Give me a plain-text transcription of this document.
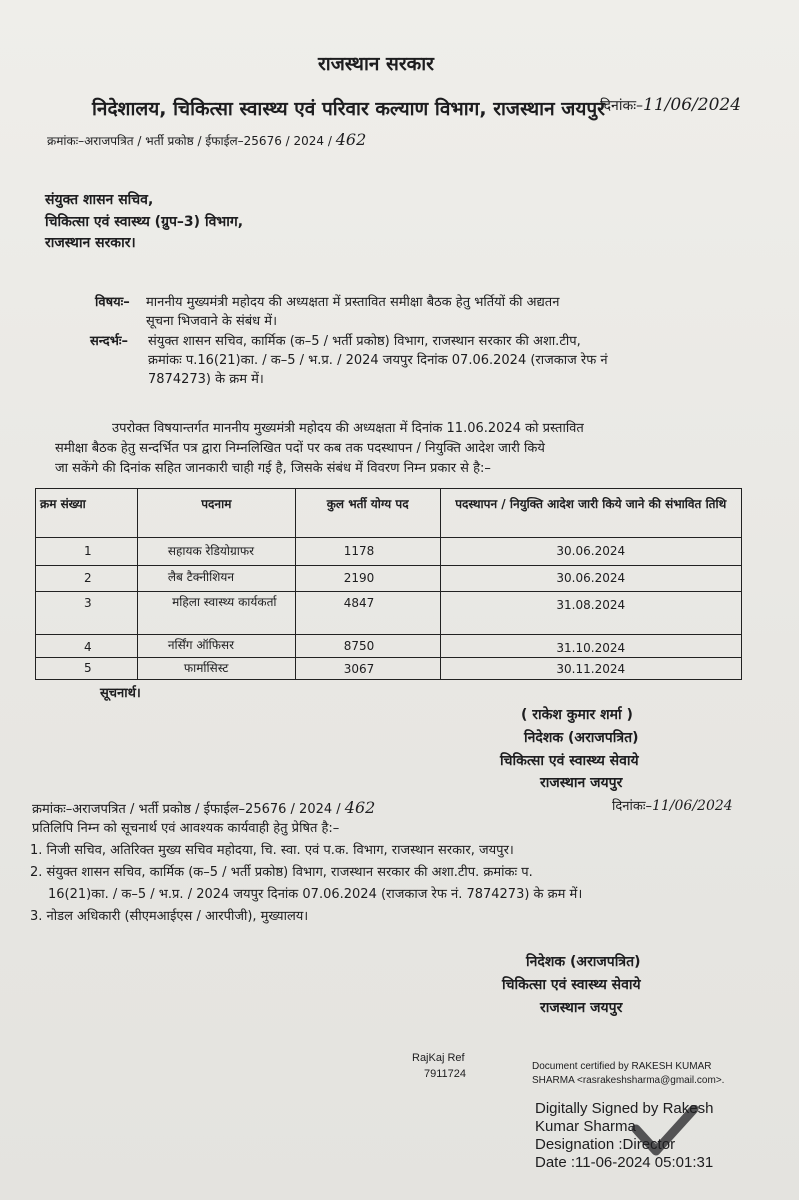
राजस्थान सरकार
निदेशालय, चिकित्सा स्वास्थ्य एवं परिवार कल्याण विभाग, राजस्थान जयपुर
दिनांकः–11/06/2024
क्रमांकः–अराजपत्रित / भर्ती प्रकोष्ठ / ईफाईल–25676 / 2024 / 462
संयुक्त शासन सचिव,
चिकित्सा एवं स्वास्थ्य (ग्रुप–3) विभाग,
राजस्थान सरकार।
विषयः– माननीय मुख्यमंत्री महोदय की अध्यक्षता में प्रस्तावित समीक्षा बैठक हेतु भर्तियों की अद्यतन
सूचना भिजवाने के संबंध में।
सन्दर्भः– संयुक्त शासन सचिव, कार्मिक (क–5 / भर्ती प्रकोष्ठ) विभाग, राजस्थान सरकार की अशा.टीप,
क्रमांकः प.16(21)का. / क–5 / भ.प्र. / 2024 जयपुर दिनांक 07.06.2024 (राजकाज रेफ नं
7874273) के क्रम में।
उपरोक्त विषयान्तर्गत माननीय मुख्यमंत्री महोदय की अध्यक्षता में दिनांक 11.06.2024 को प्रस्तावित
समीक्षा बैठक हेतु सन्दर्भित पत्र द्वारा निम्नलिखित पदों पर कब तक पदस्थापन / नियुक्ति आदेश जारी किये
जा सकेंगे की दिनांक सहित जानकारी चाही गई है, जिसके संबंध में विवरण निम्न प्रकार से है:–
क्रम संख्या	पदनाम	कुल भर्ती योग्य पद	पदस्थापन / नियुक्ति आदेश जारी किये जाने की संभावित तिथि
1	सहायक रेडियोग्राफर	1178	30.06.2024
2	लैब टैक्नीशियन	2190	30.06.2024
3	महिला स्वास्थ्य कार्यकर्ता	4847	31.08.2024
4	नर्सिंग ऑफिसर	8750	31.10.2024
5	फार्मासिस्ट	3067	30.11.2024
सूचनार्थ।
( राकेश कुमार शर्मा )
निदेशक (अराजपत्रित)
चिकित्सा एवं स्वास्थ्य सेवाये
राजस्थान जयपुर
क्रमांकः–अराजपत्रित / भर्ती प्रकोष्ठ / ईफाईल–25676 / 2024 / 462	दिनांकः–11/06/2024
प्रतिलिपि निम्न को सूचनार्थ एवं आवश्यक कार्यवाही हेतु प्रेषित है:–
1. निजी सचिव, अतिरिक्त मुख्य सचिव महोदया, चि. स्वा. एवं प.क. विभाग, राजस्थान सरकार, जयपुर।
2. संयुक्त शासन सचिव, कार्मिक (क–5 / भर्ती प्रकोष्ठ) विभाग, राजस्थान सरकार की अशा.टीप. क्रमांकः प.
16(21)का. / क–5 / भ.प्र. / 2024 जयपुर दिनांक 07.06.2024 (राजकाज रेफ नं. 7874273) के क्रम में।
3. नोडल अधिकारी (सीएमआईएस / आरपीजी), मुख्यालय।
निदेशक (अराजपत्रित)
चिकित्सा एवं स्वास्थ्य सेवाये
राजस्थान जयपुर
RajKaj Ref
7911724
Document certified by RAKESH KUMAR
SHARMA <rasrakeshsharma@gmail.com>.
Digitally Signed by Rakesh
Kumar Sharma
Designation :Director
Date :11-06-2024 05:01:31
